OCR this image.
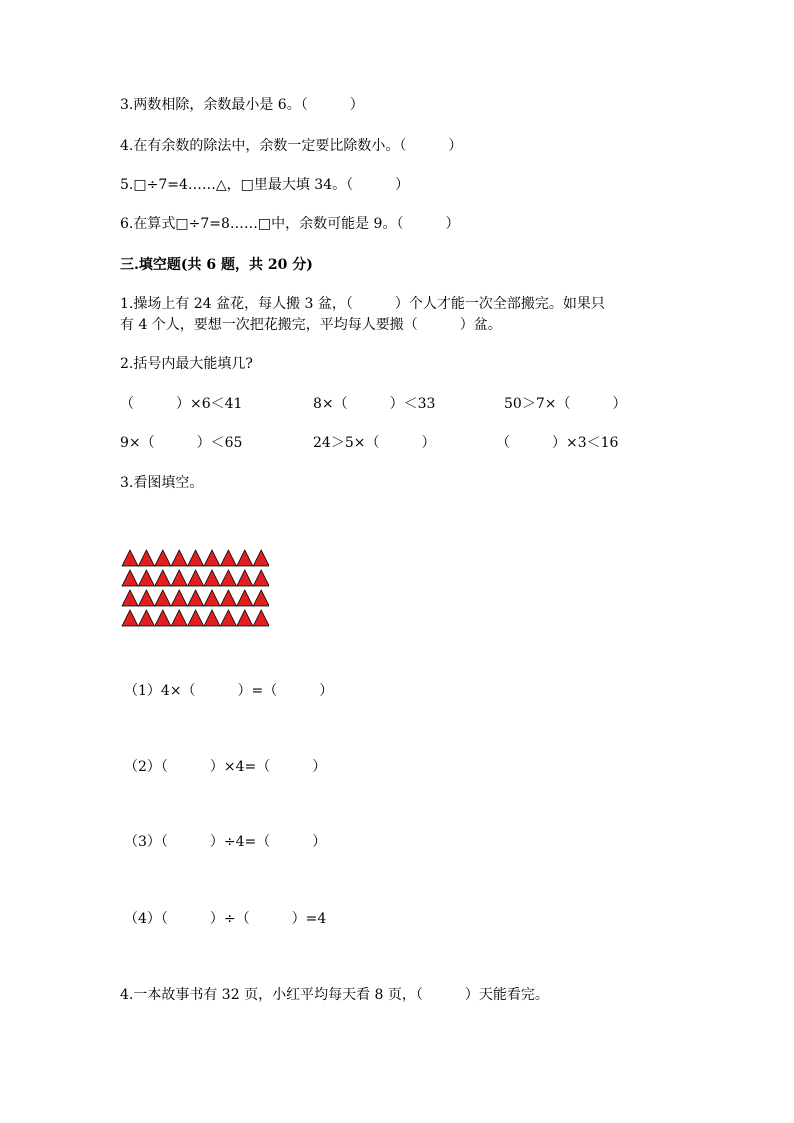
3.两数相除，余数最小是 6。（　　　）
4.在有余数的除法中，余数一定要比除数小。（　　　）
5.□÷7=4……△，□里最大填 34。（　　　）
6.在算式□÷7=8……□中，余数可能是 9。（　　　）
三.填空题(共 6 题，共 20 分)
1.操场上有 24 盆花，每人搬 3 盆，（　　　）个人才能一次全部搬完。如果只
有 4 个人，要想一次把花搬完，平均每人要搬（　　　）盆。
2.括号内最大能填几?
（　　　）×6＜41	8×（　　　）＜33	50＞7×（　　　）
9×（　　　）＜65	24＞5×（　　　）	（　　　）×3＜16
3.看图填空。
（1）4×（　　　）=（　　　）
（2）（　　　）×4=（　　　）
（3）（　　　）÷4=（　　　）
（4）（　　　）÷（　　　）=4
4.一本故事书有 32 页，小红平均每天看 8 页，（　　　）天能看完。
